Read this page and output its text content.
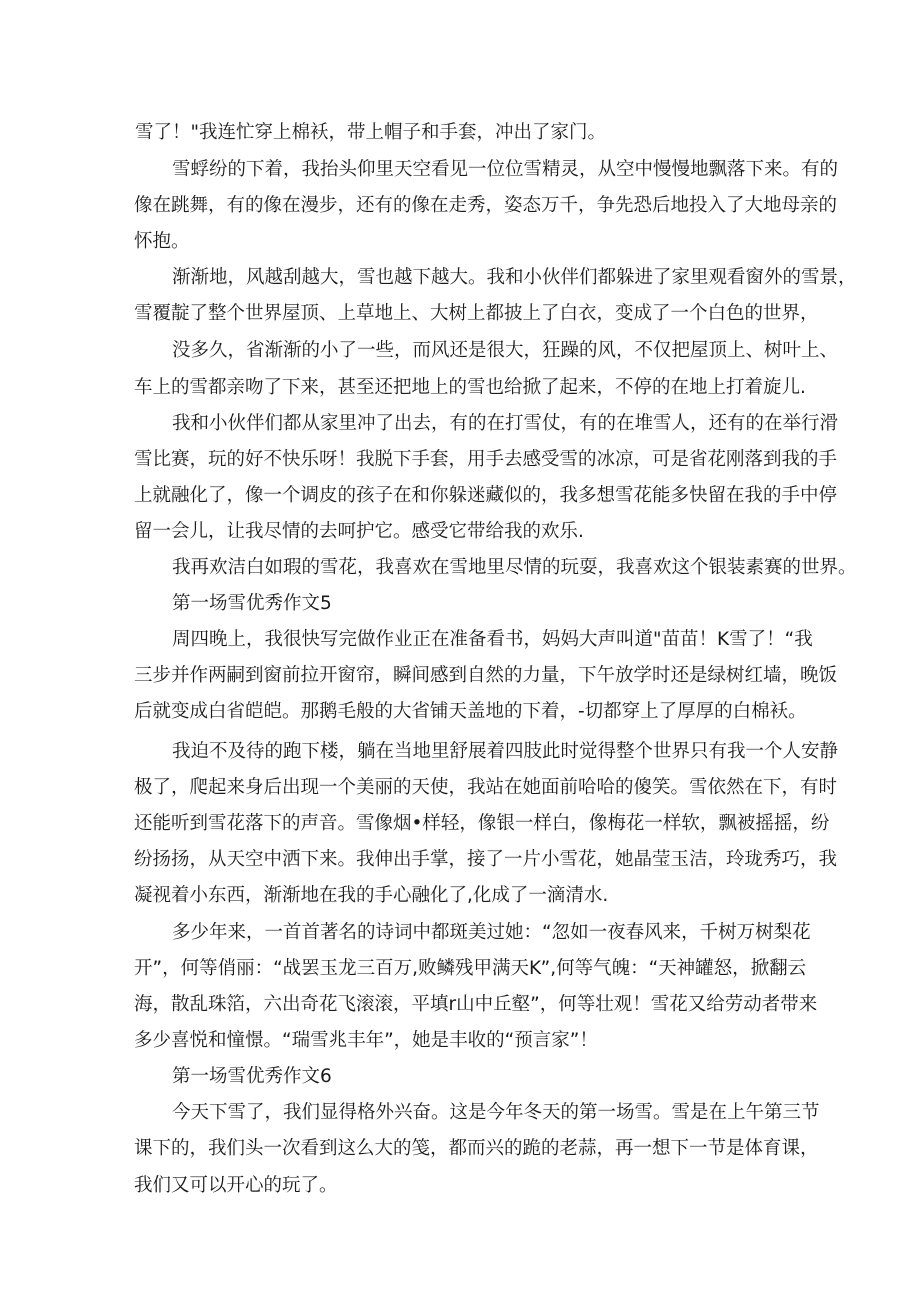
雪了！"我连忙穿上棉袄，带上帽子和手套，冲出了家门。
雪蜉纷的下着，我抬头仰里天空看见一位位雪精灵，从空中慢慢地飘落下来。有的
像在跳舞，有的像在漫步，还有的像在走秀，姿态万千，争先恐后地投入了大地母亲的
怀抱。
渐渐地，风越刮越大，雪也越下越大。我和小伙伴们都躲进了家里观看窗外的雪景，
雪覆靛了整个世界屋顶、上草地上、大树上都披上了白衣，变成了一个白色的世界，
没多久，省渐渐的小了一些，而风还是很大，狂躁的风，不仅把屋顶上、树叶上、
车上的雪都亲吻了下来，甚至还把地上的雪也给掀了起来，不停的在地上打着旋儿.
我和小伙伴们都从家里冲了出去，有的在打雪仗，有的在堆雪人，还有的在举行滑
雪比赛，玩的好不快乐呀！我脱下手套，用手去感受雪的冰凉，可是省花刚落到我的手
上就融化了，像一个调皮的孩子在和你躲迷藏似的，我多想雪花能多快留在我的手中停
留一会儿，让我尽情的去呵护它。感受它带给我的欢乐.
我再欢洁白如瑕的雪花，我喜欢在雪地里尽情的玩耍，我喜欢这个银装素赛的世界。
第一场雪优秀作文5
周四晚上，我很快写完做作业正在准备看书，妈妈大声叫道"苗苗！K雪了！“我
三步并作两嗣到窗前拉开窗帘，瞬间感到自然的力量，下午放学时还是绿树红墙，晚饭
后就变成白省皑皑。那鹅毛般的大省铺天盖地的下着，-切都穿上了厚厚的白棉袄。
我迫不及待的跑下楼，躺在当地里舒展着四肢此时觉得整个世界只有我一个人安静
极了，爬起来身后出现一个美丽的天使，我站在她面前哈哈的傻笑。雪依然在下，有时
还能听到雪花落下的声音。雪像烟•样轻，像银一样白，像梅花一样软，飘被摇摇，纷
纷扬扬，从天空中洒下来。我伸出手掌，接了一片小雪花，她晶莹玉洁，玲珑秀巧，我
凝视着小东西，渐渐地在我的手心融化了,化成了一滴清水.
多少年来，一首首著名的诗词中都斑美过她：“忽如一夜春风来，千树万树梨花
开”，何等俏丽：“战罢玉龙三百万,败鳞残甲满天K”,何等气魄：“天神罐怒，掀翻云
海，散乱珠箔，六出奇花飞滚滚，平填r山中丘壑”，何等壮观！雪花又给劳动者带来
多少喜悦和憧憬。“瑞雪兆丰年”，她是丰收的“预言家”！
第一场雪优秀作文6
今天下雪了，我们显得格外兴奋。这是今年冬天的第一场雪。雪是在上午第三节
课下的，我们头一次看到这么大的笺，都而兴的跪的老蒜，再一想下一节是体育课，
我们又可以开心的玩了。
